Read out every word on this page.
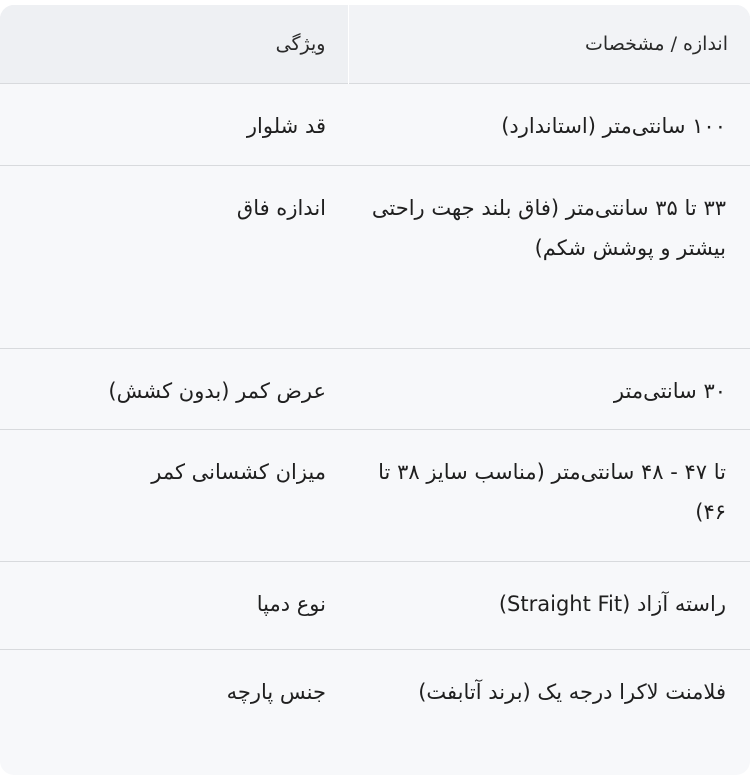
اندازه / مشخصات	ویژگی

۱۰۰ سانتی‌متر (استاندارد)	قد شلوار

۳۳ تا ۳۵ سانتی‌متر (فاق بلند جهت راحتی بیشتر و پوشش شکم)	اندازه فاق

۳۰ سانتی‌متر	عرض کمر (بدون کشش)

تا ۴۷ - ۴۸ سانتی‌متر (مناسب سایز ۳۸ تا ۴۶)	میزان کشسانی کمر

راسته آزاد (Straight Fit)	نوع دمپا

فلامنت لاکرا درجه یک (برند آتابفت)	جنس پارچه
